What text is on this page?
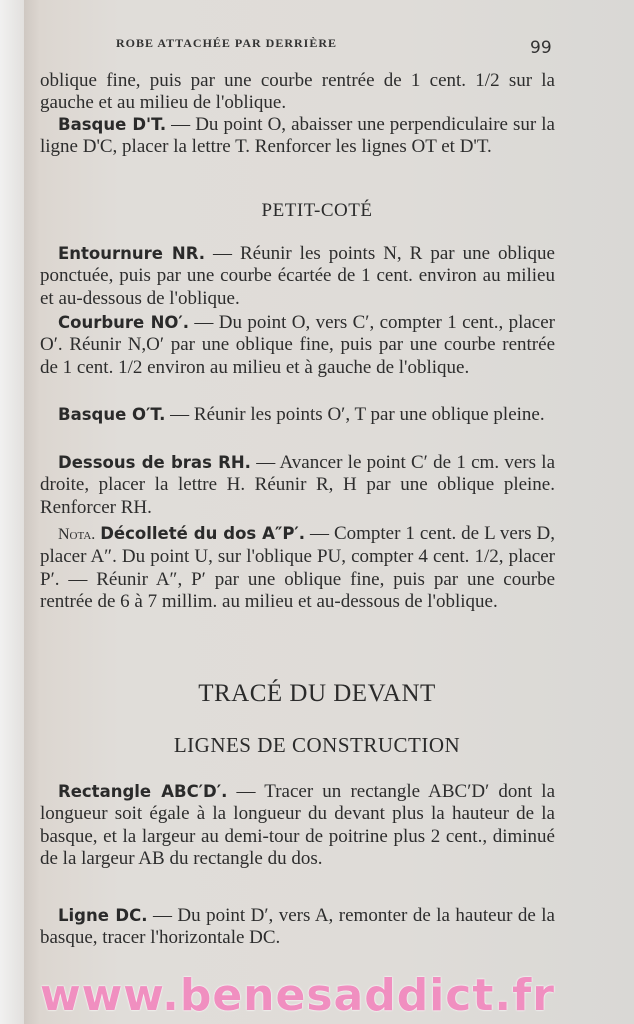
ROBE ATTACHÉE PAR DERRIÈRE	99
oblique fine, puis par une courbe rentrée de 1 cent. 1/2 sur la gauche et au milieu de l'oblique.
Basque D'T. — Du point O, abaisser une perpendiculaire sur la ligne D'C, placer la lettre T. Renforcer les lignes OT et D'T.
PETIT-COTÉ
Entournure NR. — Réunir les points N, R par une oblique ponctuée, puis par une courbe écartée de 1 cent. environ au milieu et au-dessous de l'oblique.
Courbure NO′. — Du point O, vers C′, compter 1 cent., placer O′. Réunir N,O′ par une oblique fine, puis par une courbe rentrée de 1 cent. 1/2 environ au milieu et à gauche de l'oblique.
Basque O′T. — Réunir les points O′, T par une oblique pleine.
Dessous de bras RH. — Avancer le point C′ de 1 cm. vers la droite, placer la lettre H. Réunir R, H par une oblique pleine. Renforcer RH.
Nota. Décolleté du dos A″P′. — Compter 1 cent. de L vers D, placer A″. Du point U, sur l'oblique PU, compter 4 cent. 1/2, placer P′. — Réunir A″, P′ par une oblique fine, puis par une courbe rentrée de 6 à 7 millim. au milieu et au-dessous de l'oblique.
TRACÉ DU DEVANT
LIGNES DE CONSTRUCTION
Rectangle ABC′D′. — Tracer un rectangle ABC′D′ dont la longueur soit égale à la longueur du devant plus la hauteur de la basque, et la largeur au demi-tour de poitrine plus 2 cent., diminué de la largeur AB du rectangle du dos.
Ligne DC. — Du point D′, vers A, remonter de la hauteur de la basque, tracer l'horizontale DC.
www.benesaddict.fr
